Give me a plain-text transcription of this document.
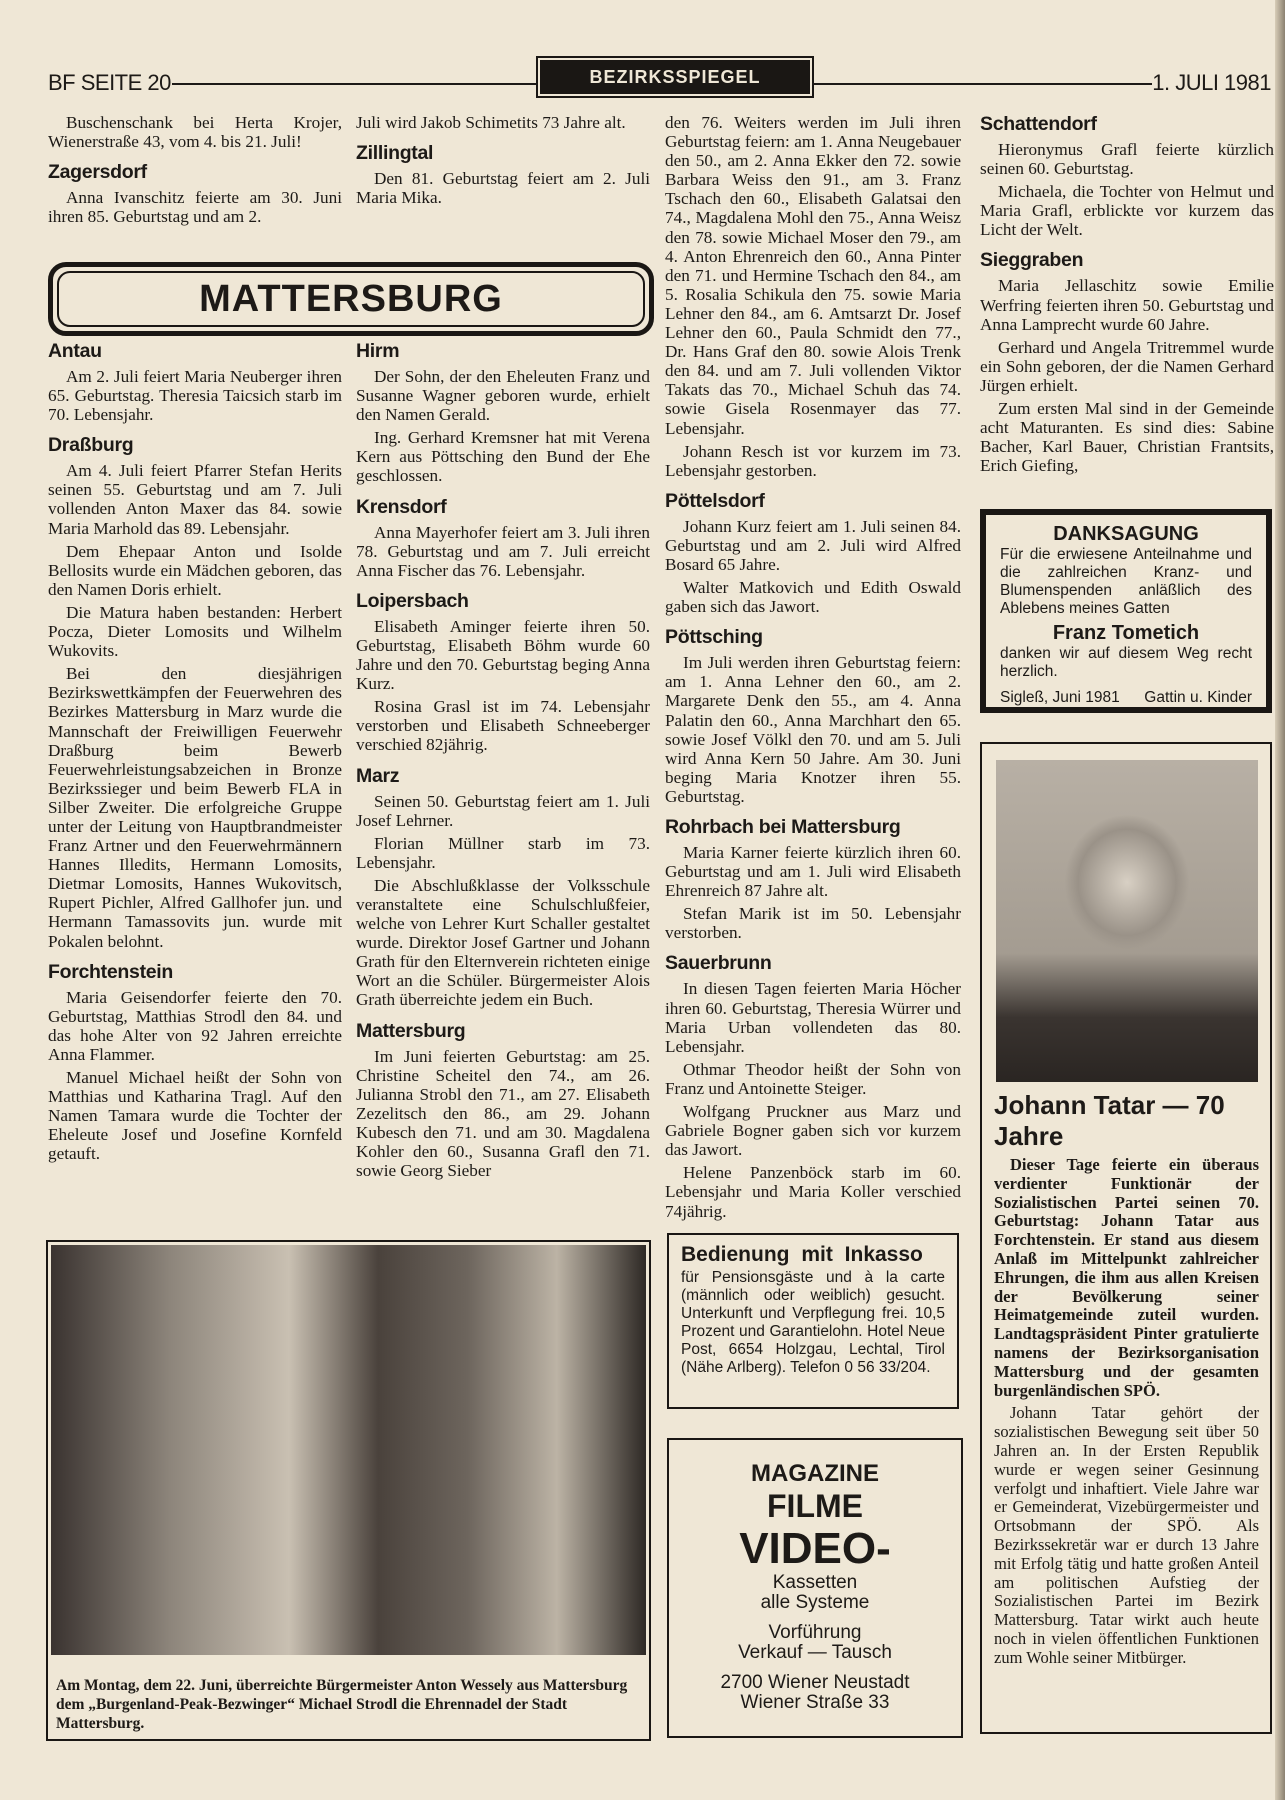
BF SEITE 20	BEZIRKSSPIEGEL	1. JULI 1981

Buschenschank bei Herta Krojer, Wienerstraße 43, vom 4. bis 21. Juli!

Zagersdorf

Anna Ivanschitz feierte am 30. Juni ihren 85. Geburtstag und am 2.

Juli wird Jakob Schimetits 73 Jahre alt.

Zillingtal

Den 81. Geburtstag feiert am 2. Juli Maria Mika.

MATTERSBURG
Antau

Am 2. Juli feiert Maria Neuberger ihren 65. Geburtstag. Theresia Taicsich starb im 70. Lebensjahr.

Draßburg

Am 4. Juli feiert Pfarrer Stefan Herits seinen 55. Geburtstag und am 7. Juli vollenden Anton Maxer das 84. sowie Maria Marhold das 89. Lebensjahr.

Dem Ehepaar Anton und Isolde Bellosits wurde ein Mädchen geboren, das den Namen Doris erhielt.

Die Matura haben bestanden: Herbert Pocza, Dieter Lomosits und Wilhelm Wukovits.

Bei den diesjährigen Bezirkswettkämpfen der Feuerwehren des Bezirkes Mattersburg in Marz wurde die Mannschaft der Freiwilligen Feuerwehr Draßburg beim Bewerb Feuerwehrleistungsabzeichen in Bronze Bezirkssieger und beim Bewerb FLA in Silber Zweiter. Die erfolgreiche Gruppe unter der Leitung von Hauptbrandmeister Franz Artner und den Feuerwehrmännern Hannes Illedits, Hermann Lomosits, Dietmar Lomosits, Hannes Wukovitsch, Rupert Pichler, Alfred Gallhofer jun. und Hermann Tamassovits jun. wurde mit Pokalen belohnt.

Forchtenstein

Maria Geisendorfer feierte den 70. Geburtstag, Matthias Strodl den 84. und das hohe Alter von 92 Jahren erreichte Anna Flammer.

Manuel Michael heißt der Sohn von Matthias und Katharina Tragl. Auf den Namen Tamara wurde die Tochter der Eheleute Josef und Josefine Kornfeld getauft.

Hirm

Der Sohn, der den Eheleuten Franz und Susanne Wagner geboren wurde, erhielt den Namen Gerald.

Ing. Gerhard Kremsner hat mit Verena Kern aus Pöttsching den Bund der Ehe geschlossen.

Krensdorf

Anna Mayerhofer feiert am 3. Juli ihren 78. Geburtstag und am 7. Juli erreicht Anna Fischer das 76. Lebensjahr.

Loipersbach

Elisabeth Aminger feierte ihren 50. Geburtstag, Elisabeth Böhm wurde 60 Jahre und den 70. Geburtstag beging Anna Kurz.

Rosina Grasl ist im 74. Lebensjahr verstorben und Elisabeth Schneeberger verschied 82jährig.

Marz

Seinen 50. Geburtstag feiert am 1. Juli Josef Lehrner.

Florian Müllner starb im 73. Lebensjahr.

Die Abschlußklasse der Volksschule veranstaltete eine Schulschlußfeier, welche von Lehrer Kurt Schaller gestaltet wurde. Direktor Josef Gartner und Johann Grath für den Elternverein richteten einige Wort an die Schüler. Bürgermeister Alois Grath überreichte jedem ein Buch.

Mattersburg

Im Juni feierten Geburtstag: am 25. Christine Scheitel den 74., am 26. Julianna Strobl den 71., am 27. Elisabeth Zezelitsch den 86., am 29. Johann Kubesch den 71. und am 30. Magdalena Kohler den 60., Susanna Grafl den 71. sowie Georg Sieber

den 76. Weiters werden im Juli ihren Geburtstag feiern: am 1. Anna Neugebauer den 50., am 2. Anna Ekker den 72. sowie Barbara Weiss den 91., am 3. Franz Tschach den 60., Elisabeth Galatsai den 74., Magdalena Mohl den 75., Anna Weisz den 78. sowie Michael Moser den 79., am 4. Anton Ehrenreich den 60., Anna Pinter den 71. und Hermine Tschach den 84., am 5. Rosalia Schikula den 75. sowie Maria Lehner den 84., am 6. Amtsarzt Dr. Josef Lehner den 60., Paula Schmidt den 77., Dr. Hans Graf den 80. sowie Alois Trenk den 84. und am 7. Juli vollenden Viktor Takats das 70., Michael Schuh das 74. sowie Gisela Rosenmayer das 77. Lebensjahr.

Johann Resch ist vor kurzem im 73. Lebensjahr gestorben.

Pöttelsdorf

Johann Kurz feiert am 1. Juli seinen 84. Geburtstag und am 2. Juli wird Alfred Bosard 65 Jahre.

Walter Matkovich und Edith Oswald gaben sich das Jawort.

Pöttsching

Im Juli werden ihren Geburtstag feiern: am 1. Anna Lehner den 60., am 2. Margarete Denk den 55., am 4. Anna Palatin den 60., Anna Marchhart den 65. sowie Josef Völkl den 70. und am 5. Juli wird Anna Kern 50 Jahre. Am 30. Juni beging Maria Knotzer ihren 55. Geburtstag.

Rohrbach bei Mattersburg

Maria Karner feierte kürzlich ihren 60. Geburtstag und am 1. Juli wird Elisabeth Ehrenreich 87 Jahre alt.

Stefan Marik ist im 50. Lebensjahr verstorben.

Sauerbrunn

In diesen Tagen feierten Maria Höcher ihren 60. Geburtstag, Theresia Würrer und Maria Urban vollendeten das 80. Lebensjahr.

Othmar Theodor heißt der Sohn von Franz und Antoinette Steiger.

Wolfgang Pruckner aus Marz und Gabriele Bogner gaben sich vor kurzem das Jawort.

Helene Panzenböck starb im 60. Lebensjahr und Maria Koller verschied 74jährig.

Schattendorf

Hieronymus Grafl feierte kürzlich seinen 60. Geburtstag.

Michaela, die Tochter von Helmut und Maria Grafl, erblickte vor kurzem das Licht der Welt.

Sieggraben

Maria Jellaschitz sowie Emilie Werfring feierten ihren 50. Geburtstag und Anna Lamprecht wurde 60 Jahre.

Gerhard und Angela Tritremmel wurde ein Sohn geboren, der die Namen Gerhard Jürgen erhielt.

Zum ersten Mal sind in der Gemeinde acht Maturanten. Es sind dies: Sabine Bacher, Karl Bauer, Christian Frantsits, Erich Giefing,

Am Montag, dem 22. Juni, überreichte Bürgermeister Anton Wessely aus Mattersburg dem „Burgenland-Peak-Bezwinger“ Michael Strodl die Ehrennadel der Stadt Mattersburg.
Bedienung mit Inkasso
für Pensionsgäste und à la carte (männlich oder weiblich) gesucht. Unterkunft und Verpflegung frei. 10,5 Prozent und Garantielohn. Hotel Neue Post, 6654 Holzgau, Lechtal, Tirol (Nähe Arlberg). Telefon 0 56 33/204.
MAGAZINE
FILME
VIDEO-
Kassetten
alle Systeme
Vorführung
Verkauf — Tausch
2700 Wiener Neustadt
Wiener Straße 33
DANKSAGUNG
Für die erwiesene Anteilnahme und die zahlreichen Kranz- und Blumenspenden anläßlich des Ablebens meines Gatten
Franz Tometich
danken wir auf diesem Weg recht herzlich.
Sigleß, Juni 1981 Gattin u. Kinder
Johann Tatar — 70 Jahre

Dieser Tage feierte ein überaus verdienter Funktionär der Sozialistischen Partei seinen 70. Geburtstag: Johann Tatar aus Forchtenstein. Er stand aus diesem Anlaß im Mittelpunkt zahlreicher Ehrungen, die ihm aus allen Kreisen der Bevölkerung seiner Heimatgemeinde zuteil wurden. Landtagspräsident Pinter gratulierte namens der Bezirksorganisation Mattersburg und der gesamten burgenländischen SPÖ.

Johann Tatar gehört der sozialistischen Bewegung seit über 50 Jahren an. In der Ersten Republik wurde er wegen seiner Gesinnung verfolgt und inhaftiert. Viele Jahre war er Gemeinderat, Vizebürgermeister und Ortsobmann der SPÖ. Als Bezirkssekretär war er durch 13 Jahre mit Erfolg tätig und hatte großen Anteil am politischen Aufstieg der Sozialistischen Partei im Bezirk Mattersburg. Tatar wirkt auch heute noch in vielen öffentlichen Funktionen zum Wohle seiner Mitbürger.
